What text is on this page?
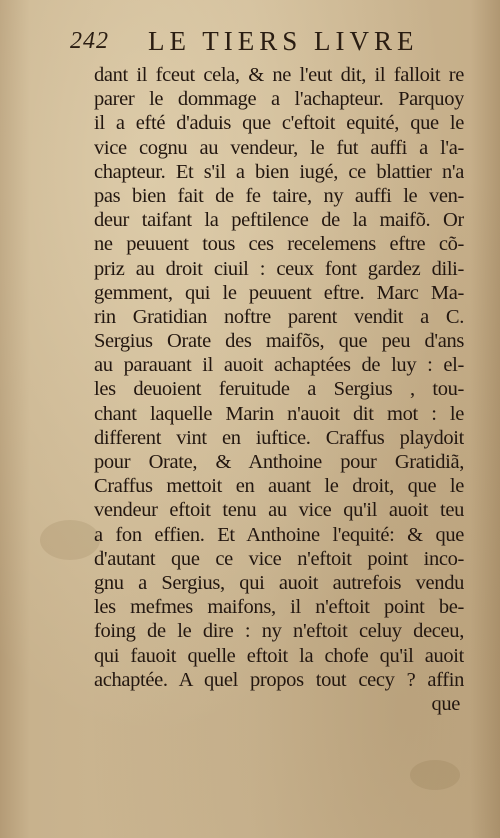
242 LE TIERS LIVRE
dant il fceut cela, & ne l'eut dit, il falloit re
parer le dommage a l'achapteur. Parquoy
il a efté d'aduis que c'eftoit equité, que le
vice cognu au vendeur, le fut auffi a l'a-
chapteur. Et s'il a bien iugé, ce blattier n'a
pas bien fait de fe taire, ny auffi le ven-
deur taifant la peftilence de la maifõ. Or
ne peuuent tous ces recelemens eftre cõ-
priz au droit ciuil : ceux font gardez dili-
gemment, qui le peuuent eftre. Marc Ma-
rin Gratidian noftre parent vendit a C.
Sergius Orate des maifõs, que peu d'ans
au parauant il auoit achaptées de luy : el-
les deuoient feruitude a Sergius , tou-
chant laquelle Marin n'auoit dit mot : le
different vint en iuftice. Craffus playdoit
pour Orate, & Anthoine pour Gratidiã,
Craffus mettoit en auant le droit, que le
vendeur eftoit tenu au vice qu'il auoit teu
a fon effien. Et Anthoine l'equité: & que
d'autant que ce vice n'eftoit point inco-
gnu a Sergius, qui auoit autrefois vendu
les mefmes maifons, il n'eftoit point be-
foing de le dire : ny n'eftoit celuy deceu,
qui fauoit quelle eftoit la chofe qu'il auoit
achaptée. A quel propos tout cecy ? affin
que
